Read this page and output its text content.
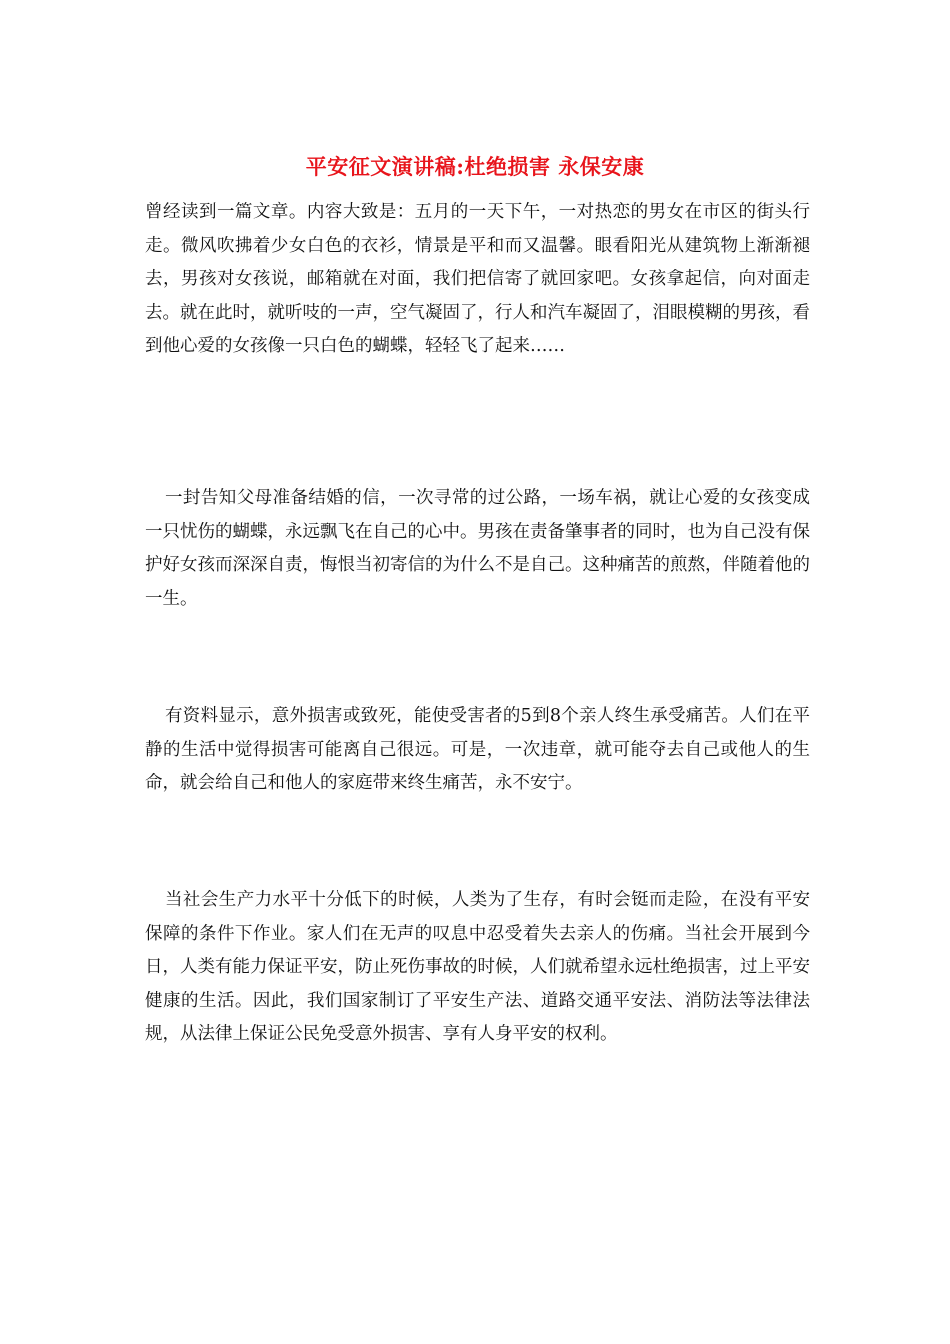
平安征文演讲稿:杜绝损害 永保安康

曾经读到一篇文章。内容大致是：五月的一天下午，一对热恋的男女在市区的街头行走。微风吹拂着少女白色的衣衫，情景是平和而又温馨。眼看阳光从建筑物上渐渐褪去，男孩对女孩说，邮箱就在对面，我们把信寄了就回家吧。女孩拿起信，向对面走去。就在此时，就听吱的一声，空气凝固了，行人和汽车凝固了，泪眼模糊的男孩，看到他心爱的女孩像一只白色的蝴蝶，轻轻飞了起来……

一封告知父母准备结婚的信，一次寻常的过公路，一场车祸，就让心爱的女孩变成一只忧伤的蝴蝶，永远飘飞在自己的心中。男孩在责备肇事者的同时，也为自己没有保护好女孩而深深自责，悔恨当初寄信的为什么不是自己。这种痛苦的煎熬，伴随着他的一生。

有资料显示，意外损害或致死，能使受害者的5到8个亲人终生承受痛苦。人们在平静的生活中觉得损害可能离自己很远。可是，一次违章，就可能夺去自己或他人的生命，就会给自己和他人的家庭带来终生痛苦，永不安宁。

当社会生产力水平十分低下的时候，人类为了生存，有时会铤而走险，在没有平安保障的条件下作业。家人们在无声的叹息中忍受着失去亲人的伤痛。当社会开展到今日，人类有能力保证平安，防止死伤事故的时候，人们就希望永远杜绝损害，过上平安健康的生活。因此，我们国家制订了平安生产法、道路交通平安法、消防法等法律法规，从法律上保证公民免受意外损害、享有人身平安的权利。
